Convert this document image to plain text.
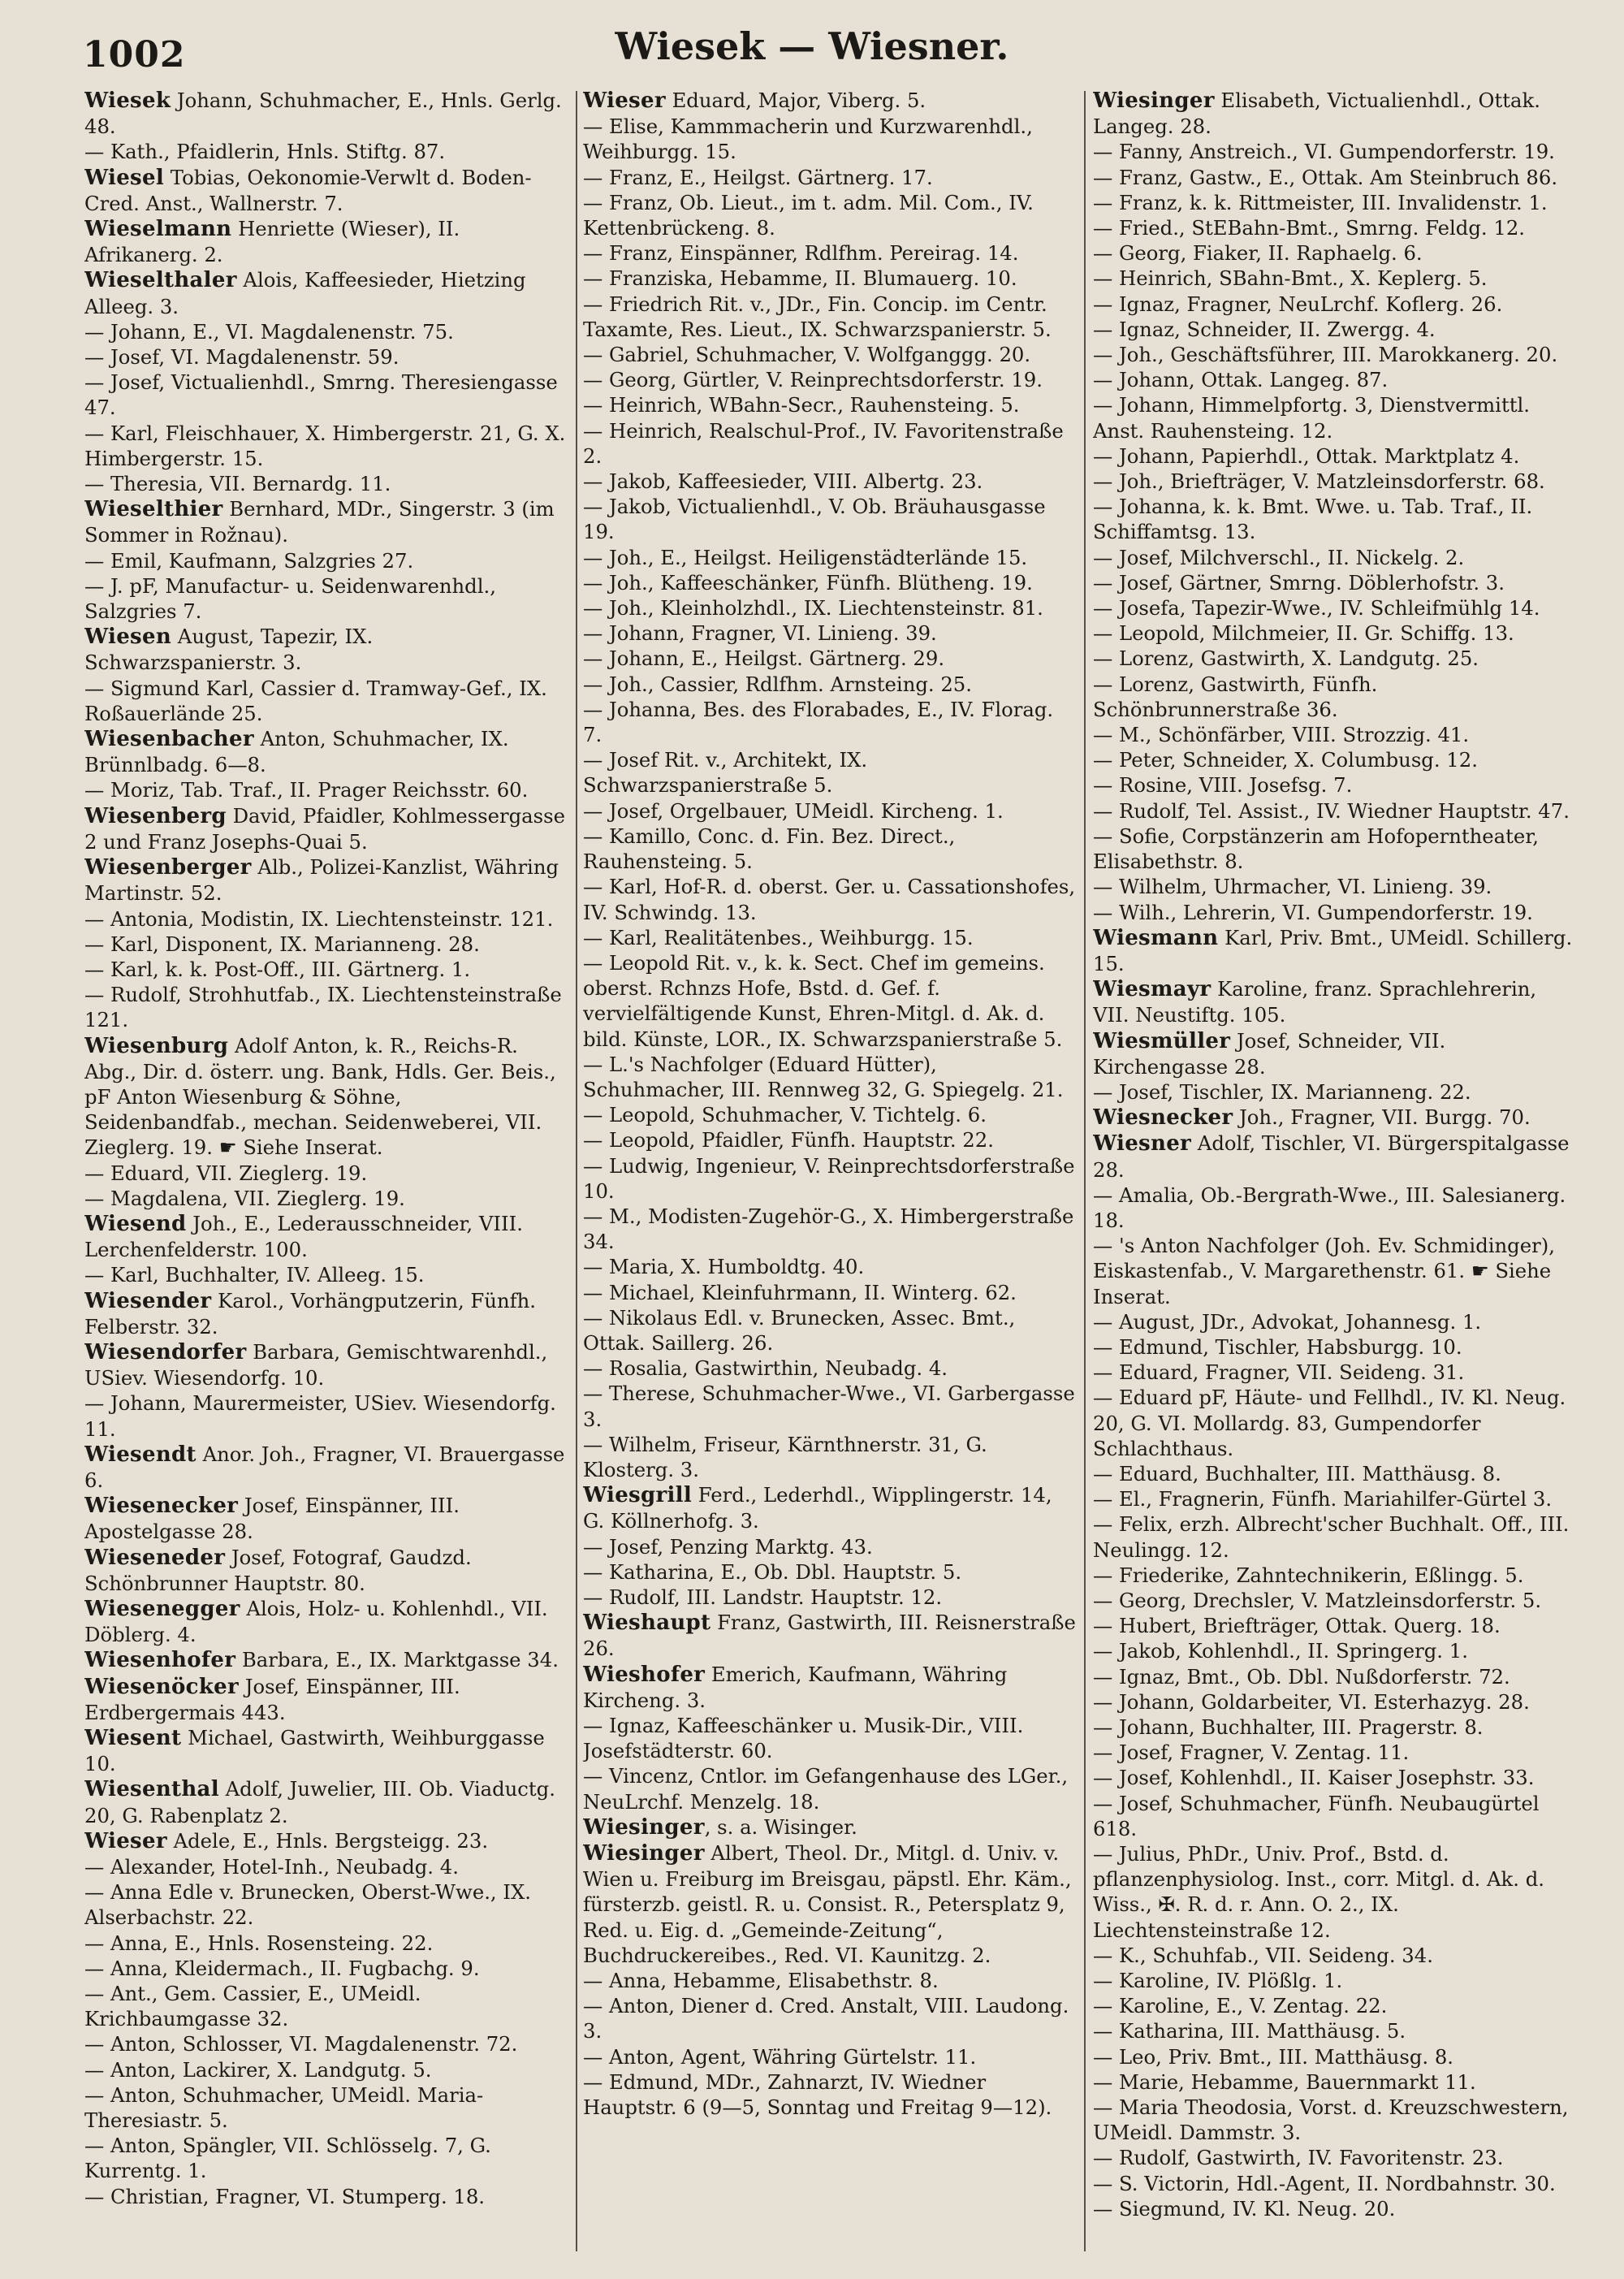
1002	Wiesek — Wiesner.

Wiesek Johann, Schuhmacher, E., Hnls. Gerlg. 48.

— Kath., Pfaidlerin, Hnls. Stiftg. 87.

Wiesel Tobias, Oekonomie-Verwlt d. Boden-Cred. Anst., Wallnerstr. 7.

Wieselmann Henriette (Wieser), II. Afrikanerg. 2.

Wieselthaler Alois, Kaffeesieder, Hietzing Alleeg. 3.

— Johann, E., VI. Magdalenenstr. 75.

— Josef, VI. Magdalenenstr. 59.

— Josef, Victualienhdl., Smrng. Theresiengasse 47.

— Karl, Fleischhauer, X. Himbergerstr. 21, G. X. Himbergerstr. 15.

— Theresia, VII. Bernardg. 11.

Wieselthier Bernhard, MDr., Singerstr. 3 (im Sommer in Rožnau).

— Emil, Kaufmann, Salzgries 27.

— J. pF, Manufactur- u. Seidenwarenhdl., Salzgries 7.

Wiesen August, Tapezir, IX. Schwarzspanierstr. 3.

— Sigmund Karl, Cassier d. Tramway-Gef., IX. Roßauerlände 25.

Wiesenbacher Anton, Schuhmacher, IX. Brünnlbadg. 6—8.

— Moriz, Tab. Traf., II. Prager Reichsstr. 60.

Wiesenberg David, Pfaidler, Kohlmessergasse 2 und Franz Josephs-Quai 5.

Wiesenberger Alb., Polizei-Kanzlist, Währing Martinstr. 52.

— Antonia, Modistin, IX. Liechtensteinstr. 121.

— Karl, Disponent, IX. Marianneng. 28.

— Karl, k. k. Post-Off., III. Gärtnerg. 1.

— Rudolf, Strohhutfab., IX. Liechtensteinstraße 121.

Wiesenburg Adolf Anton, k. R., Reichs-R. Abg., Dir. d. österr. ung. Bank, Hdls. Ger. Beis., pF Anton Wiesenburg & Söhne, Seidenbandfab., mechan. Seidenweberei, VII. Zieglerg. 19. ☛ Siehe Inserat.

— Eduard, VII. Zieglerg. 19.

— Magdalena, VII. Zieglerg. 19.

Wiesend Joh., E., Lederausschneider, VIII. Lerchenfelderstr. 100.

— Karl, Buchhalter, IV. Alleeg. 15.

Wiesender Karol., Vorhängputzerin, Fünfh. Felberstr. 32.

Wiesendorfer Barbara, Gemischtwarenhdl., USiev. Wiesendorfg. 10.

— Johann, Maurermeister, USiev. Wiesendorfg. 11.

Wiesendt Anor. Joh., Fragner, VI. Brauergasse 6.

Wiesenecker Josef, Einspänner, III. Apostelgasse 28.

Wieseneder Josef, Fotograf, Gaudzd. Schönbrunner Hauptstr. 80.

Wiesenegger Alois, Holz- u. Kohlenhdl., VII. Döblerg. 4.

Wiesenhofer Barbara, E., IX. Marktgasse 34.

Wiesenöcker Josef, Einspänner, III. Erdbergermais 443.

Wiesent Michael, Gastwirth, Weihburggasse 10.

Wiesenthal Adolf, Juwelier, III. Ob. Viaductg. 20, G. Rabenplatz 2.

Wieser Adele, E., Hnls. Bergsteigg. 23.

— Alexander, Hotel-Inh., Neubadg. 4.

— Anna Edle v. Brunecken, Oberst-Wwe., IX. Alserbachstr. 22.

— Anna, E., Hnls. Rosensteing. 22.

— Anna, Kleidermach., II. Fugbachg. 9.

— Ant., Gem. Cassier, E., UMeidl. Krichbaumgasse 32.

— Anton, Schlosser, VI. Magdalenenstr. 72.

— Anton, Lackirer, X. Landgutg. 5.

— Anton, Schuhmacher, UMeidl. Maria-Theresiastr. 5.

— Anton, Spängler, VII. Schlösselg. 7, G. Kurrentg. 1.

— Christian, Fragner, VI. Stumperg. 18.

Wieser Eduard, Major, Viberg. 5.

— Elise, Kammmacherin und Kurzwarenhdl., Weihburgg. 15.

— Franz, E., Heilgst. Gärtnerg. 17.

— Franz, Ob. Lieut., im t. adm. Mil. Com., IV. Kettenbrückeng. 8.

— Franz, Einspänner, Rdlfhm. Pereirag. 14.

— Franziska, Hebamme, II. Blumauerg. 10.

— Friedrich Rit. v., JDr., Fin. Concip. im Centr. Taxamte, Res. Lieut., IX. Schwarzspanierstr. 5.

— Gabriel, Schuhmacher, V. Wolfganggg. 20.

— Georg, Gürtler, V. Reinprechtsdorferstr. 19.

— Heinrich, WBahn-Secr., Rauhensteing. 5.

— Heinrich, Realschul-Prof., IV. Favoritenstraße 2.

— Jakob, Kaffeesieder, VIII. Albertg. 23.

— Jakob, Victualienhdl., V. Ob. Bräuhausgasse 19.

— Joh., E., Heilgst. Heiligenstädterlände 15.

— Joh., Kaffeeschänker, Fünfh. Blütheng. 19.

— Joh., Kleinholzhdl., IX. Liechtensteinstr. 81.

— Johann, Fragner, VI. Linieng. 39.

— Johann, E., Heilgst. Gärtnerg. 29.

— Joh., Cassier, Rdlfhm. Arnsteing. 25.

— Johanna, Bes. des Florabades, E., IV. Florag. 7.

— Josef Rit. v., Architekt, IX. Schwarzspanierstraße 5.

— Josef, Orgelbauer, UMeidl. Kircheng. 1.

— Kamillo, Conc. d. Fin. Bez. Direct., Rauhensteing. 5.

— Karl, Hof-R. d. oberst. Ger. u. Cassationshofes, IV. Schwindg. 13.

— Karl, Realitätenbes., Weihburgg. 15.

— Leopold Rit. v., k. k. Sect. Chef im gemeins. oberst. Rchnzs Hofe, Bstd. d. Gef. f. vervielfältigende Kunst, Ehren-Mitgl. d. Ak. d. bild. Künste, LOR., IX. Schwarzspanierstraße 5.

— L.'s Nachfolger (Eduard Hütter), Schuhmacher, III. Rennweg 32, G. Spiegelg. 21.

— Leopold, Schuhmacher, V. Tichtelg. 6.

— Leopold, Pfaidler, Fünfh. Hauptstr. 22.

— Ludwig, Ingenieur, V. Reinprechtsdorferstraße 10.

— M., Modisten-Zugehör-G., X. Himbergerstraße 34.

— Maria, X. Humboldtg. 40.

— Michael, Kleinfuhrmann, II. Winterg. 62.

— Nikolaus Edl. v. Brunecken, Assec. Bmt., Ottak. Saillerg. 26.

— Rosalia, Gastwirthin, Neubadg. 4.

— Therese, Schuhmacher-Wwe., VI. Garbergasse 3.

— Wilhelm, Friseur, Kärnthnerstr. 31, G. Klosterg. 3.

Wiesgrill Ferd., Lederhdl., Wipplingerstr. 14, G. Köllnerhofg. 3.

— Josef, Penzing Marktg. 43.

— Katharina, E., Ob. Dbl. Hauptstr. 5.

— Rudolf, III. Landstr. Hauptstr. 12.

Wieshaupt Franz, Gastwirth, III. Reisnerstraße 26.

Wieshofer Emerich, Kaufmann, Währing Kircheng. 3.

— Ignaz, Kaffeeschänker u. Musik-Dir., VIII. Josefstädterstr. 60.

— Vincenz, Cntlor. im Gefangenhause des LGer., NeuLrchf. Menzelg. 18.

Wiesinger, s. a. Wisinger.

Wiesinger Albert, Theol. Dr., Mitgl. d. Univ. v. Wien u. Freiburg im Breisgau, päpstl. Ehr. Käm., fürsterzb. geistl. R. u. Consist. R., Petersplatz 9, Red. u. Eig. d. „Gemeinde-Zeitung“, Buchdruckereibes., Red. VI. Kaunitzg. 2.

— Anna, Hebamme, Elisabethstr. 8.

— Anton, Diener d. Cred. Anstalt, VIII. Laudong. 3.

— Anton, Agent, Währing Gürtelstr. 11.

— Edmund, MDr., Zahnarzt, IV. Wiedner Hauptstr. 6 (9—5, Sonntag und Freitag 9—12).

Wiesinger Elisabeth, Victualienhdl., Ottak. Langeg. 28.

— Fanny, Anstreich., VI. Gumpendorferstr. 19.

— Franz, Gastw., E., Ottak. Am Steinbruch 86.

— Franz, k. k. Rittmeister, III. Invalidenstr. 1.

— Fried., StEBahn-Bmt., Smrng. Feldg. 12.

— Georg, Fiaker, II. Raphaelg. 6.

— Heinrich, SBahn-Bmt., X. Keplerg. 5.

— Ignaz, Fragner, NeuLrchf. Koflerg. 26.

— Ignaz, Schneider, II. Zwergg. 4.

— Joh., Geschäftsführer, III. Marokkanerg. 20.

— Johann, Ottak. Langeg. 87.

— Johann, Himmelpfortg. 3, Dienstvermittl. Anst. Rauhensteing. 12.

— Johann, Papierhdl., Ottak. Marktplatz 4.

— Joh., Briefträger, V. Matzleinsdorferstr. 68.

— Johanna, k. k. Bmt. Wwe. u. Tab. Traf., II. Schiffamtsg. 13.

— Josef, Milchverschl., II. Nickelg. 2.

— Josef, Gärtner, Smrng. Döblerhofstr. 3.

— Josefa, Tapezir-Wwe., IV. Schleifmühlg 14.

— Leopold, Milchmeier, II. Gr. Schiffg. 13.

— Lorenz, Gastwirth, X. Landgutg. 25.

— Lorenz, Gastwirth, Fünfh. Schönbrunnerstraße 36.

— M., Schönfärber, VIII. Strozzig. 41.

— Peter, Schneider, X. Columbusg. 12.

— Rosine, VIII. Josefsg. 7.

— Rudolf, Tel. Assist., IV. Wiedner Hauptstr. 47.

— Sofie, Corpstänzerin am Hofoperntheater, Elisabethstr. 8.

— Wilhelm, Uhrmacher, VI. Linieng. 39.

— Wilh., Lehrerin, VI. Gumpendorferstr. 19.

Wiesmann Karl, Priv. Bmt., UMeidl. Schillerg. 15.

Wiesmayr Karoline, franz. Sprachlehrerin, VII. Neustiftg. 105.

Wiesmüller Josef, Schneider, VII. Kirchengasse 28.

— Josef, Tischler, IX. Marianneng. 22.

Wiesnecker Joh., Fragner, VII. Burgg. 70.

Wiesner Adolf, Tischler, VI. Bürgerspitalgasse 28.

— Amalia, Ob.-Bergrath-Wwe., III. Salesianerg. 18.

— 's Anton Nachfolger (Joh. Ev. Schmidinger), Eiskastenfab., V. Margarethenstr. 61. ☛ Siehe Inserat.

— August, JDr., Advokat, Johannesg. 1.

— Edmund, Tischler, Habsburgg. 10.

— Eduard, Fragner, VII. Seideng. 31.

— Eduard pF, Häute- und Fellhdl., IV. Kl. Neug. 20, G. VI. Mollardg. 83, Gumpendorfer Schlachthaus.

— Eduard, Buchhalter, III. Matthäusg. 8.

— El., Fragnerin, Fünfh. Mariahilfer-Gürtel 3.

— Felix, erzh. Albrecht'scher Buchhalt. Off., III. Neulingg. 12.

— Friederike, Zahntechnikerin, Eßlingg. 5.

— Georg, Drechsler, V. Matzleinsdorferstr. 5.

— Hubert, Briefträger, Ottak. Querg. 18.

— Jakob, Kohlenhdl., II. Springerg. 1.

— Ignaz, Bmt., Ob. Dbl. Nußdorferstr. 72.

— Johann, Goldarbeiter, VI. Esterhazyg. 28.

— Johann, Buchhalter, III. Pragerstr. 8.

— Josef, Fragner, V. Zentag. 11.

— Josef, Kohlenhdl., II. Kaiser Josephstr. 33.

— Josef, Schuhmacher, Fünfh. Neubaugürtel 618.

— Julius, PhDr., Univ. Prof., Bstd. d. pflanzenphysiolog. Inst., corr. Mitgl. d. Ak. d. Wiss., ✠. R. d. r. Ann. O. 2., IX. Liechtensteinstraße 12.

— K., Schuhfab., VII. Seideng. 34.

— Karoline, IV. Plößlg. 1.

— Karoline, E., V. Zentag. 22.

— Katharina, III. Matthäusg. 5.

— Leo, Priv. Bmt., III. Matthäusg. 8.

— Marie, Hebamme, Bauernmarkt 11.

— Maria Theodosia, Vorst. d. Kreuzschwestern, UMeidl. Dammstr. 3.

— Rudolf, Gastwirth, IV. Favoritenstr. 23.

— S. Victorin, Hdl.-Agent, II. Nordbahnstr. 30.

— Siegmund, IV. Kl. Neug. 20.
